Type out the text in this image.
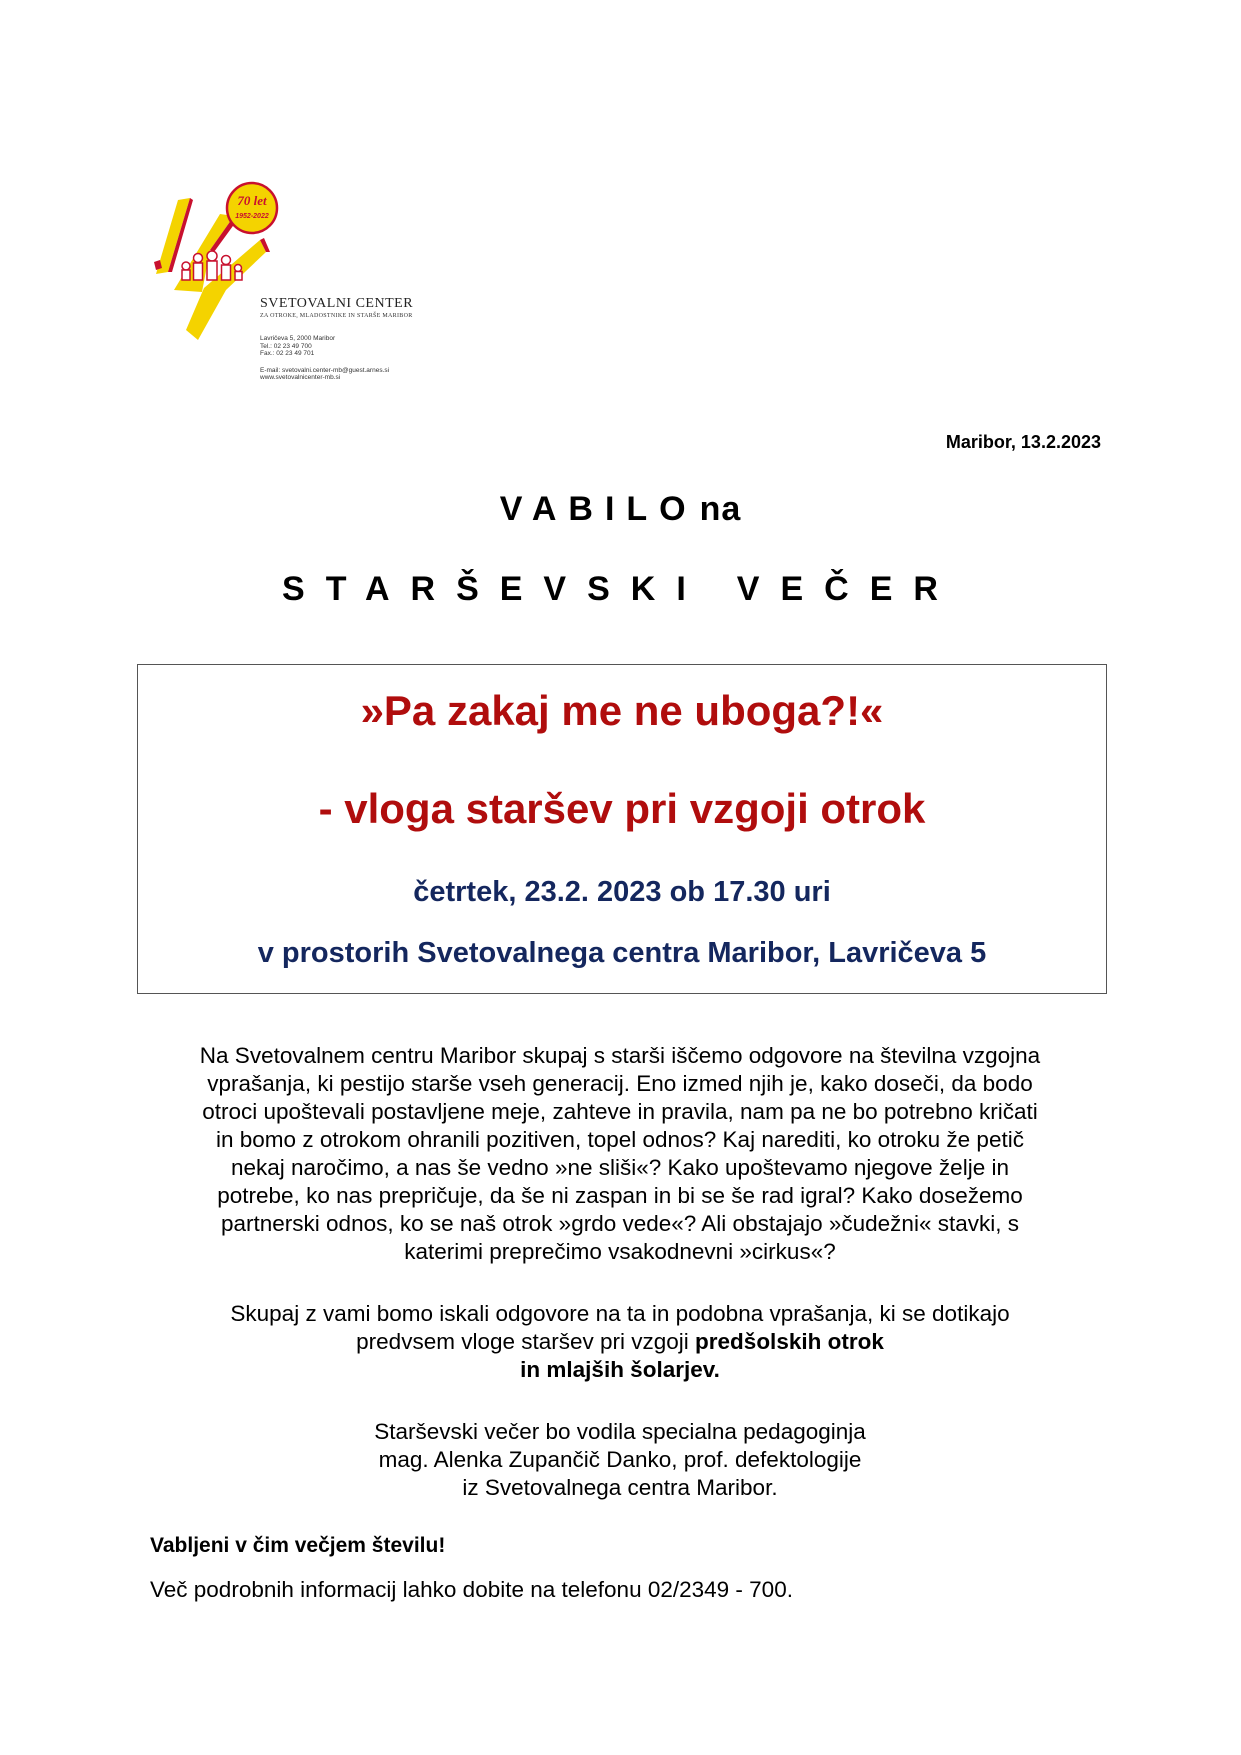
70 let
1952-2022
SVETOVALNI CENTER
ZA OTROKE, MLADOSTNIKE IN STARŠE MARIBOR
Lavričeva 5, 2000 Maribor
Tel.: 02 23 49 700
Fax.: 02 23 49 701
E-mail: svetovalni.center-mb@guest.arnes.si
www.svetovalnicenter-mb.si
Maribor, 13.2.2023
VABILOna
STARŠEVSKI VEČER
»Pa zakaj me ne uboga?!«
- vloga staršev pri vzgoji otrok
četrtek, 23.2. 2023 ob 17.30 uri
v prostorih Svetovalnega centra Maribor, Lavričeva 5
Na Svetovalnem centru Maribor skupaj s starši iščemo odgovore na številna vzgojna
vprašanja, ki pestijo starše vseh generacij. Eno izmed njih je, kako doseči, da bodo
otroci upoštevali postavljene meje, zahteve in pravila, nam pa ne bo potrebno kričati
in bomo z otrokom ohranili pozitiven, topel odnos? Kaj narediti, ko otroku že petič
nekaj naročimo, a nas še vedno »ne sliši«? Kako upoštevamo njegove želje in
potrebe, ko nas prepričuje, da še ni zaspan in bi se še rad igral? Kako dosežemo
partnerski odnos, ko se naš otrok »grdo vede«? Ali obstajajo »čudežni« stavki, s
katerimi preprečimo vsakodnevni »cirkus«?
Skupaj z vami bomo iskali odgovore na ta in podobna vprašanja, ki se dotikajo
predvsem vloge staršev pri vzgoji predšolskih otrok
in mlajših šolarjev.
Starševski večer bo vodila specialna pedagoginja
mag. Alenka Zupančič Danko, prof. defektologije
iz Svetovalnega centra Maribor.
Vabljeni v čim večjem številu!
Več podrobnih informacij lahko dobite na telefonu 02/2349 - 700.
